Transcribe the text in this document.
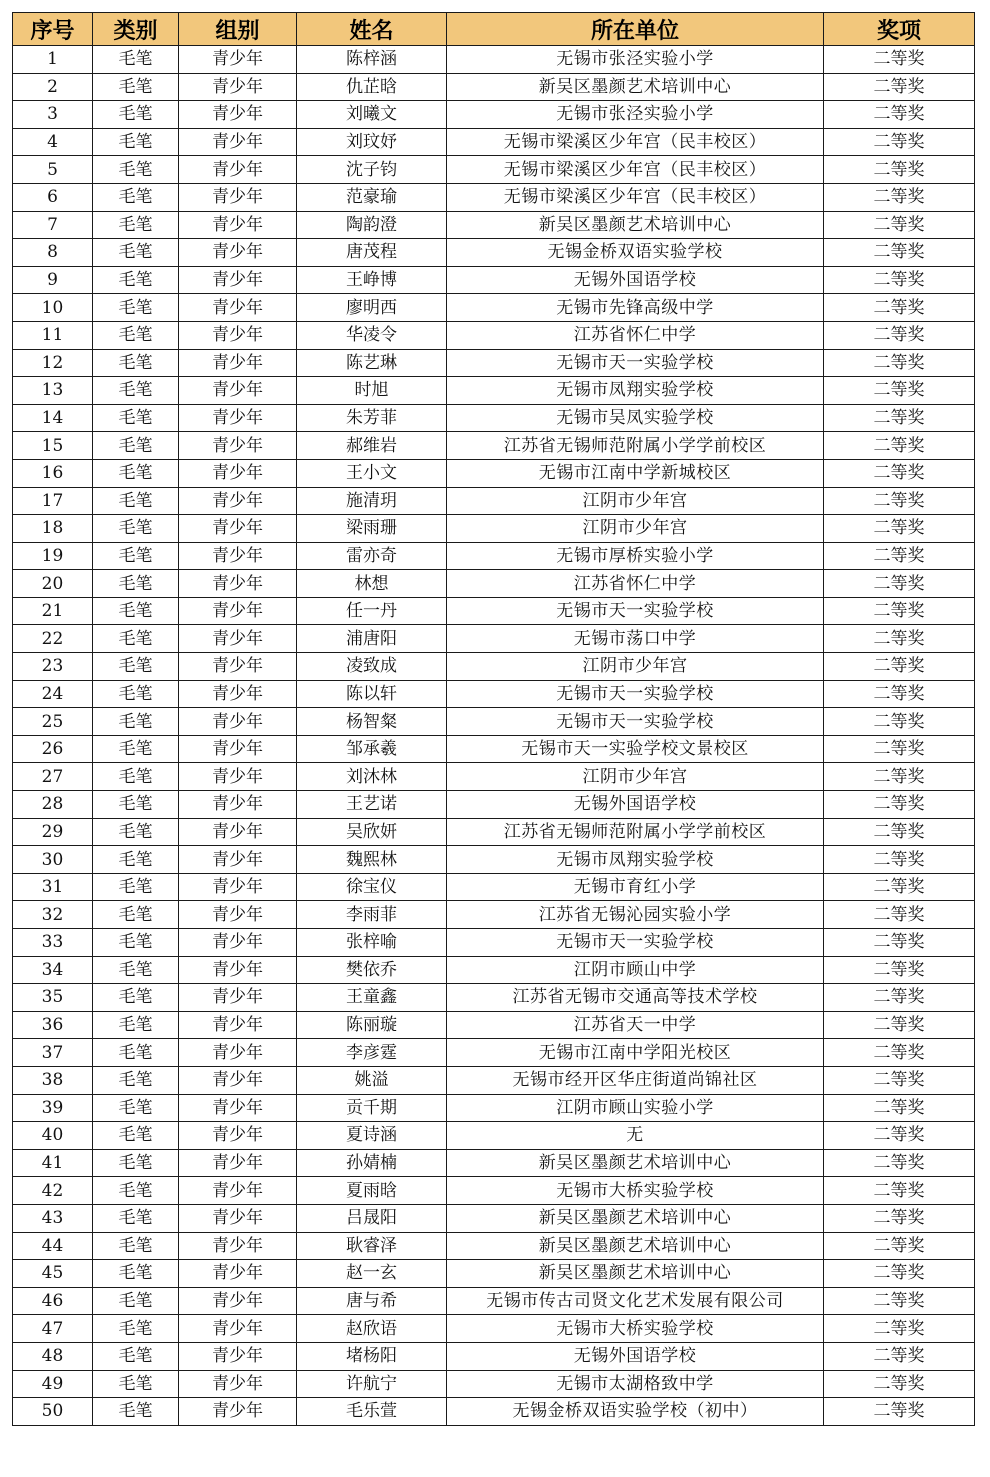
序号	类别	组别	姓名	所在单位	奖项
1	毛笔	青少年	陈梓涵	无锡市张泾实验小学	二等奖
2	毛笔	青少年	仇芷晗	新吴区墨颜艺术培训中心	二等奖
3	毛笔	青少年	刘曦文	无锡市张泾实验小学	二等奖
4	毛笔	青少年	刘玟妤	无锡市梁溪区少年宫（民丰校区）	二等奖
5	毛笔	青少年	沈子钧	无锡市梁溪区少年宫（民丰校区）	二等奖
6	毛笔	青少年	范豪瑜	无锡市梁溪区少年宫（民丰校区）	二等奖
7	毛笔	青少年	陶韵澄	新吴区墨颜艺术培训中心	二等奖
8	毛笔	青少年	唐茂程	无锡金桥双语实验学校	二等奖
9	毛笔	青少年	王峥博	无锡外国语学校	二等奖
10	毛笔	青少年	廖明西	无锡市先锋高级中学	二等奖
11	毛笔	青少年	华凌令	江苏省怀仁中学	二等奖
12	毛笔	青少年	陈艺琳	无锡市天一实验学校	二等奖
13	毛笔	青少年	时旭	无锡市凤翔实验学校	二等奖
14	毛笔	青少年	朱芳菲	无锡市吴凤实验学校	二等奖
15	毛笔	青少年	郝维岩	江苏省无锡师范附属小学学前校区	二等奖
16	毛笔	青少年	王小文	无锡市江南中学新城校区	二等奖
17	毛笔	青少年	施清玥	江阴市少年宫	二等奖
18	毛笔	青少年	梁雨珊	江阴市少年宫	二等奖
19	毛笔	青少年	雷亦奇	无锡市厚桥实验小学	二等奖
20	毛笔	青少年	林想	江苏省怀仁中学	二等奖
21	毛笔	青少年	任一丹	无锡市天一实验学校	二等奖
22	毛笔	青少年	浦唐阳	无锡市荡口中学	二等奖
23	毛笔	青少年	凌致成	江阴市少年宫	二等奖
24	毛笔	青少年	陈以轩	无锡市天一实验学校	二等奖
25	毛笔	青少年	杨智粲	无锡市天一实验学校	二等奖
26	毛笔	青少年	邹承羲	无锡市天一实验学校文景校区	二等奖
27	毛笔	青少年	刘沐林	江阴市少年宫	二等奖
28	毛笔	青少年	王艺诺	无锡外国语学校	二等奖
29	毛笔	青少年	吴欣妍	江苏省无锡师范附属小学学前校区	二等奖
30	毛笔	青少年	魏熙林	无锡市凤翔实验学校	二等奖
31	毛笔	青少年	徐宝仪	无锡市育红小学	二等奖
32	毛笔	青少年	李雨菲	江苏省无锡沁园实验小学	二等奖
33	毛笔	青少年	张梓喻	无锡市天一实验学校	二等奖
34	毛笔	青少年	樊依乔	江阴市顾山中学	二等奖
35	毛笔	青少年	王童鑫	江苏省无锡市交通高等技术学校	二等奖
36	毛笔	青少年	陈丽璇	江苏省天一中学	二等奖
37	毛笔	青少年	李彦霆	无锡市江南中学阳光校区	二等奖
38	毛笔	青少年	姚溢	无锡市经开区华庄街道尚锦社区	二等奖
39	毛笔	青少年	贡千期	江阴市顾山实验小学	二等奖
40	毛笔	青少年	夏诗涵	无	二等奖
41	毛笔	青少年	孙婧楠	新吴区墨颜艺术培训中心	二等奖
42	毛笔	青少年	夏雨晗	无锡市大桥实验学校	二等奖
43	毛笔	青少年	吕晟阳	新吴区墨颜艺术培训中心	二等奖
44	毛笔	青少年	耿睿泽	新吴区墨颜艺术培训中心	二等奖
45	毛笔	青少年	赵一玄	新吴区墨颜艺术培训中心	二等奖
46	毛笔	青少年	唐与希	无锡市传古司贤文化艺术发展有限公司	二等奖
47	毛笔	青少年	赵欣语	无锡市大桥实验学校	二等奖
48	毛笔	青少年	堵杨阳	无锡外国语学校	二等奖
49	毛笔	青少年	许航宁	无锡市太湖格致中学	二等奖
50	毛笔	青少年	毛乐萱	无锡金桥双语实验学校（初中）	二等奖
